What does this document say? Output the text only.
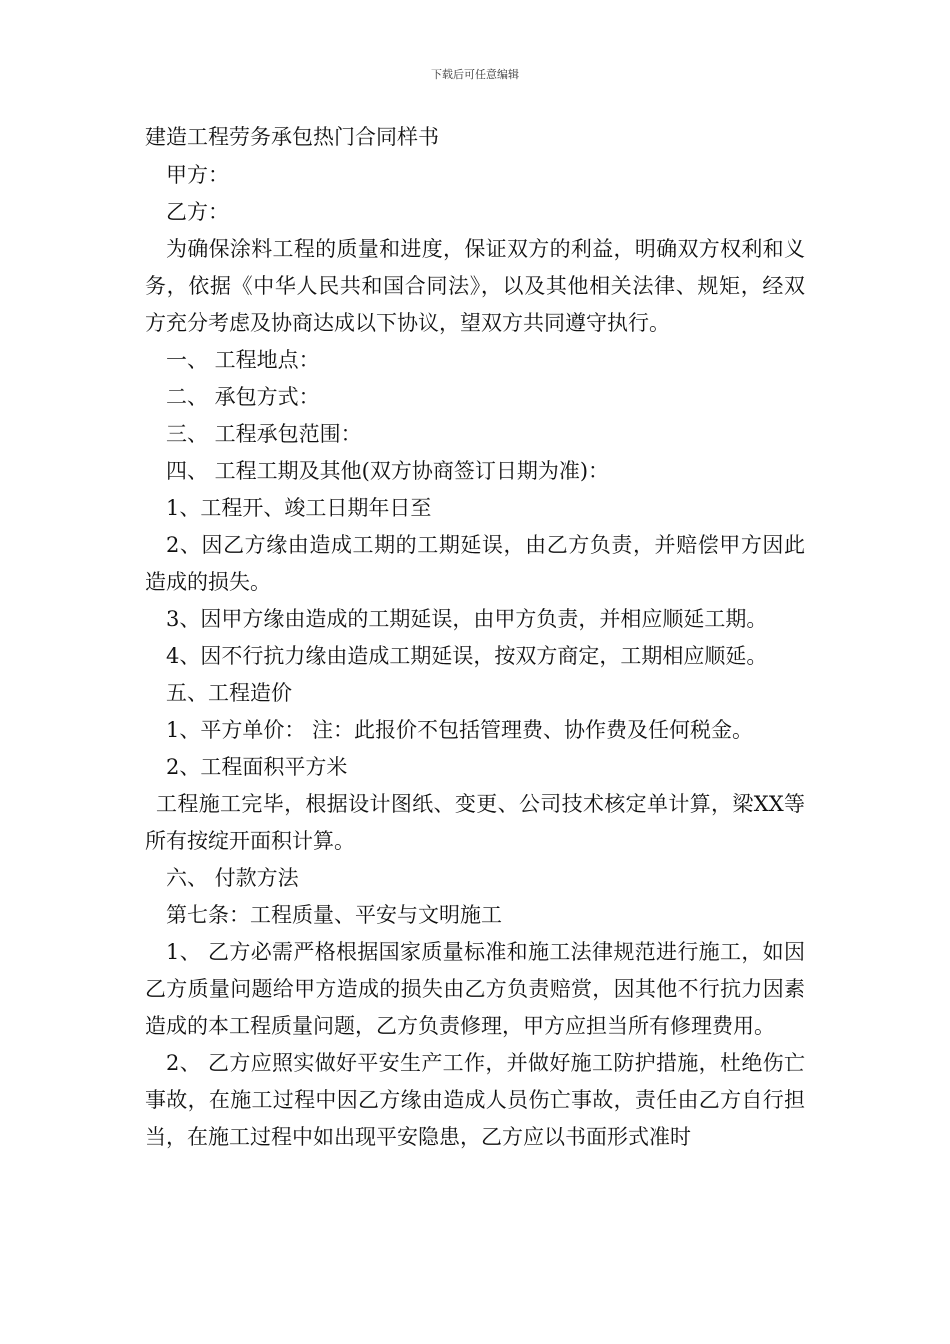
下载后可任意编辑

建造工程劳务承包热门合同样书

甲方：

乙方：

为确保涂料工程的质量和进度，保证双方的利益，明确双方权利和义务，依据《中华人民共和国合同法》，以及其他相关法律、规矩，经双方充分考虑及协商达成以下协议，望双方共同遵守执行。

一、 工程地点：

二、 承包方式：

三、 工程承包范围：

四、 工程工期及其他(双方协商签订日期为准)：

1、工程开、竣工日期年日至

2、因乙方缘由造成工期的工期延误，由乙方负责，并赔偿甲方因此造成的损失。

3、因甲方缘由造成的工期延误，由甲方负责，并相应顺延工期。

4、因不行抗力缘由造成工期延误，按双方商定，工期相应顺延。

五、工程造价

1、平方单价： 注：此报价不包括管理费、协作费及任何税金。

2、工程面积平方米

工程施工完毕，根据设计图纸、变更、公司技术核定单计算，梁XX等所有按绽开面积计算。

六、 付款方法

第七条：工程质量、平安与文明施工

1、 乙方必需严格根据国家质量标准和施工法律规范进行施工，如因乙方质量问题给甲方造成的损失由乙方负责赔赏，因其他不行抗力因素造成的本工程质量问题，乙方负责修理，甲方应担当所有修理费用。

2、 乙方应照实做好平安生产工作，并做好施工防护措施，杜绝伤亡事故，在施工过程中因乙方缘由造成人员伤亡事故，责任由乙方自行担当，在施工过程中如出现平安隐患，乙方应以书面形式准时
